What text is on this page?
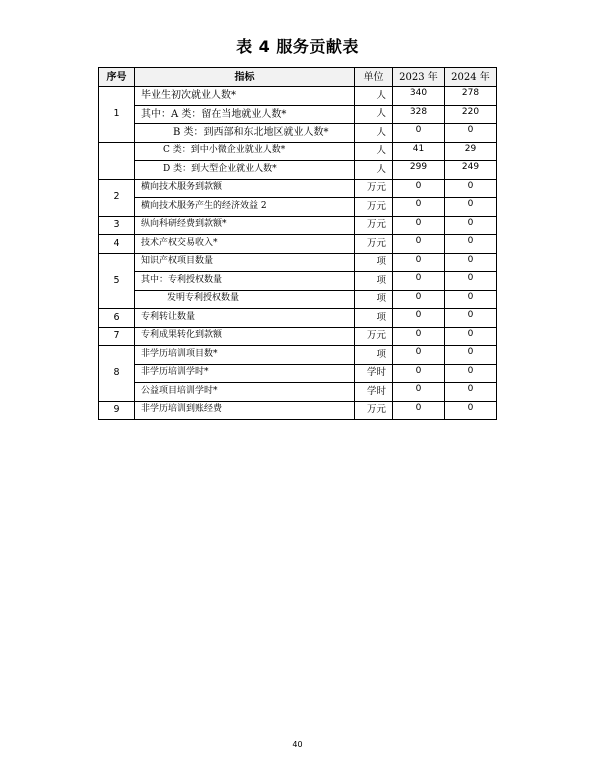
表 4 服务贡献表
序号	指标	单位	2023 年	2024 年
1	毕业生初次就业人数*	人	340	278
	其中：A 类：留在当地就业人数*	人	328	220
	B 类：到西部和东北地区就业人数*	人	0	0
	C 类：到中小微企业就业人数*	人	41	29
	D 类：到大型企业就业人数*	人	299	249
2	横向技术服务到款额	万元	0	0
	横向技术服务产生的经济效益 2	万元	0	0
3	纵向科研经费到款额*	万元	0	0
4	技术产权交易收入*	万元	0	0
5	知识产权项目数量	项	0	0
	其中：专利授权数量	项	0	0
	发明专利授权数量	项	0	0
6	专利转让数量	项	0	0
7	专利成果转化到款额	万元	0	0
8	非学历培训项目数*	项	0	0
	非学历培训学时*	学时	0	0
	公益项目培训学时*	学时	0	0
9	非学历培训到账经费	万元	0	0
40
